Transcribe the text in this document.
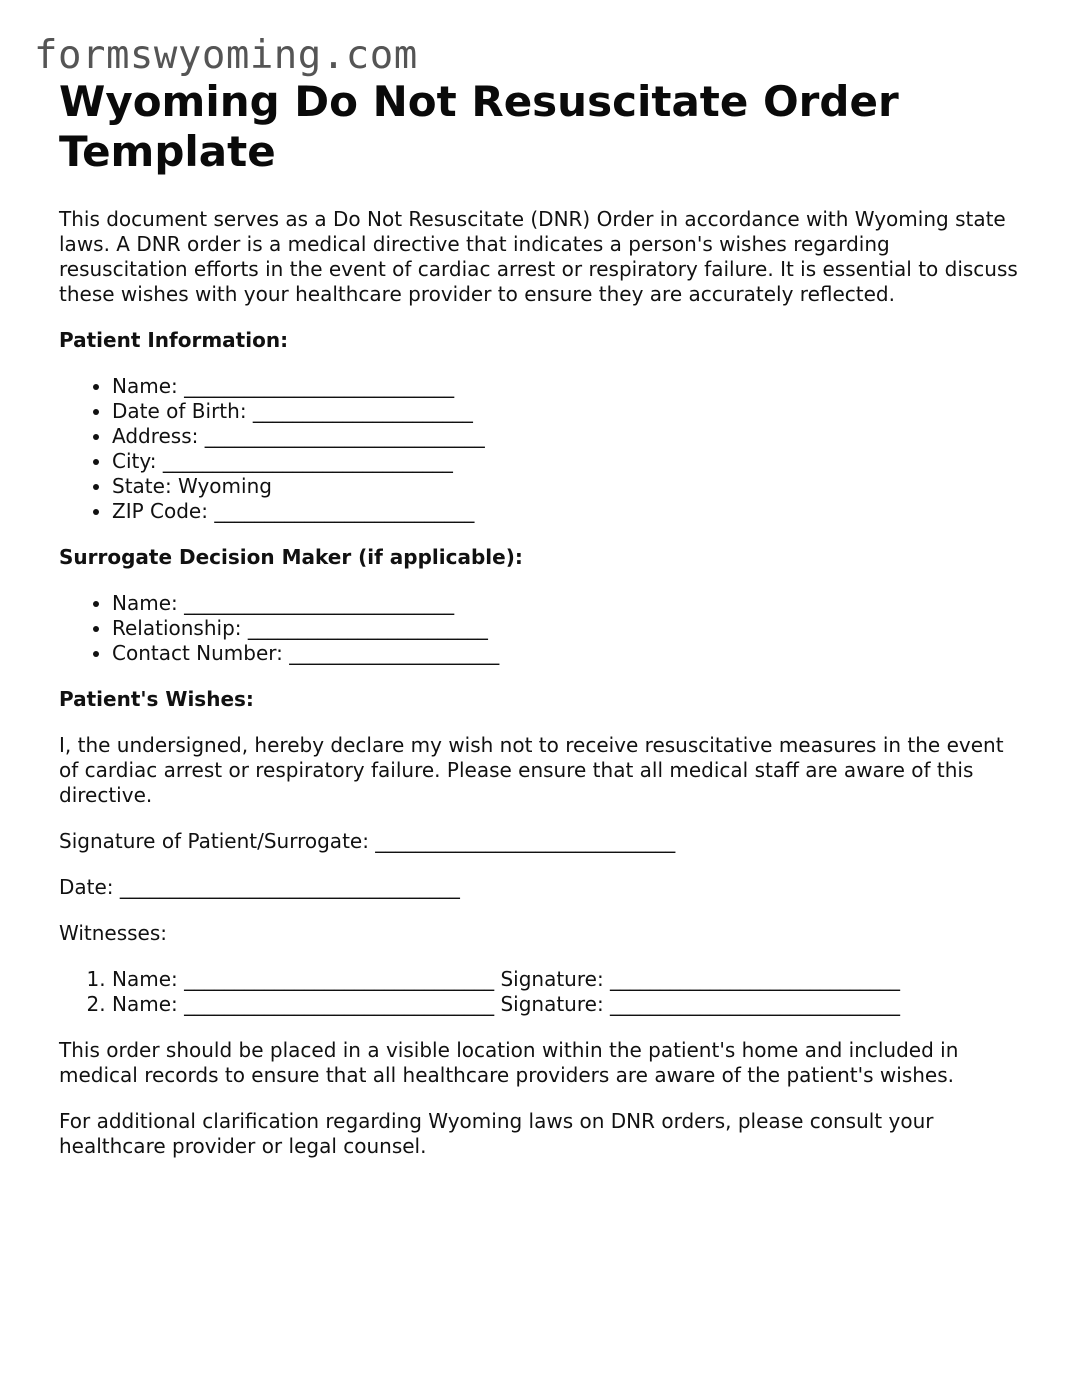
formswyoming.com
Wyoming Do Not Resuscitate Order Template

This document serves as a Do Not Resuscitate (DNR) Order in accordance with Wyoming state laws. A DNR order is a medical directive that indicates a person's wishes regarding resuscitation efforts in the event of cardiac arrest or respiratory failure. It is essential to discuss these wishes with your healthcare provider to ensure they are accurately reflected.

Patient Information:

• Name: ___________________________
• Date of Birth: ______________________
• Address: ____________________________
• City: _____________________________
• State: Wyoming
• ZIP Code: __________________________

Surrogate Decision Maker (if applicable):

• Name: ___________________________
• Relationship: ________________________
• Contact Number: _____________________

Patient's Wishes:

I, the undersigned, hereby declare my wish not to receive resuscitative measures in the event of cardiac arrest or respiratory failure. Please ensure that all medical staff are aware of this directive.

Signature of Patient/Surrogate: ______________________________

Date: __________________________________

Witnesses:

1. Name: _______________________________ Signature: _____________________________
2. Name: _______________________________ Signature: _____________________________

This order should be placed in a visible location within the patient's home and included in medical records to ensure that all healthcare providers are aware of the patient's wishes.

For additional clarification regarding Wyoming laws on DNR orders, please consult your healthcare provider or legal counsel.
